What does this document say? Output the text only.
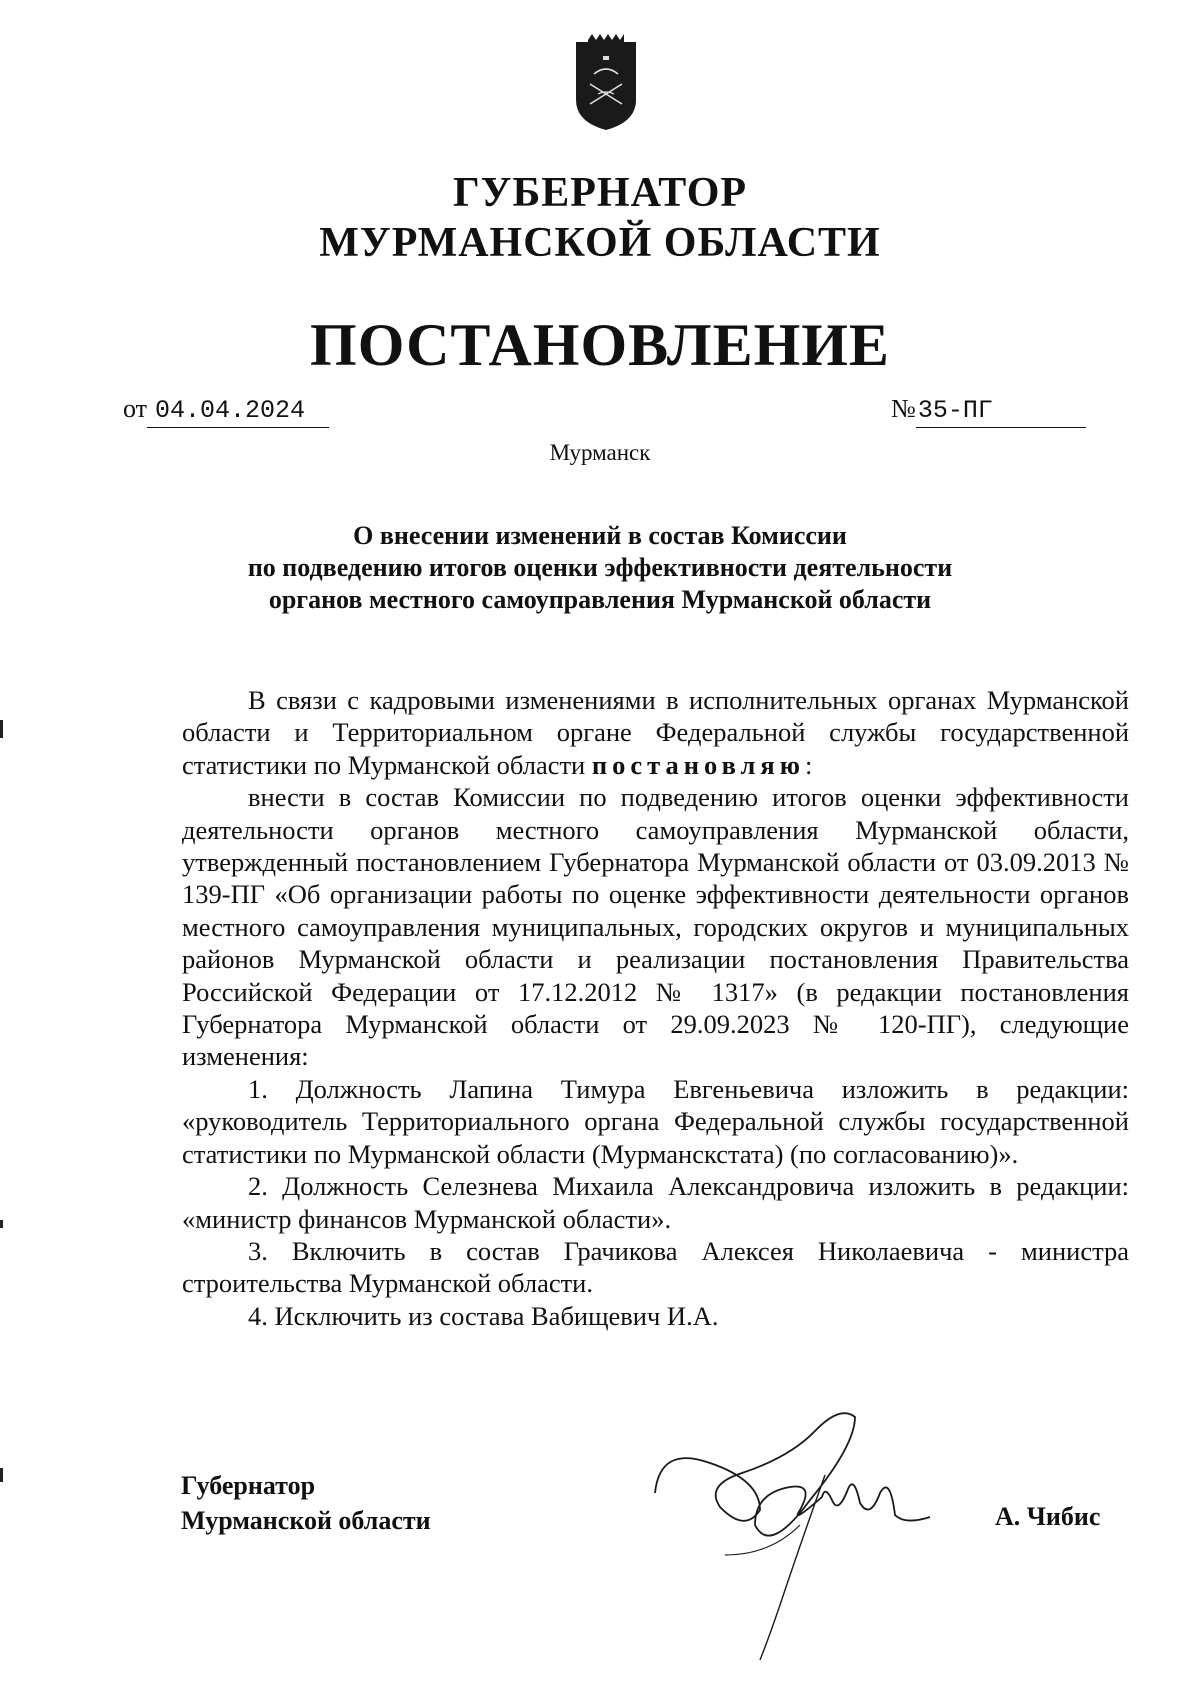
ГУБЕРНАТОР
МУРМАНСКОЙ ОБЛАСТИ
ПОСТАНОВЛЕНИЕ
от 04.04.2024	№35-ПГ
Мурманск
О внесении изменений в состав Комиссии
по подведению итогов оценки эффективности деятельности
органов местного самоуправления Мурманской области

В связи с кадровыми изменениями в исполнительных органах Мурманской области и Территориальном органе Федеральной службы государственной статистики по Мурманской области постановляю:

внести в состав Комиссии по подведению итогов оценки эффективности деятельности органов местного самоуправления Мурманской области, утвержденный постановлением Губернатора Мурманской области от 03.09.2013 № 139-ПГ «Об организации работы по оценке эффективности деятельности органов местного самоуправления муниципальных, городских округов и муниципальных районов Мурманской области и реализации постановления Правительства Российской Федерации от 17.12.2012 № 1317» (в редакции постановления Губернатора Мурманской области от 29.09.2023 № 120-ПГ), следующие изменения:

1. Должность Лапина Тимура Евгеньевича изложить в редакции: «руководитель Территориального органа Федеральной службы государственной статистики по Мурманской области (Мурманскстата) (по согласованию)».

2. Должность Селезнева Михаила Александровича изложить в редакции: «министр финансов Мурманской области».

3. Включить в состав Грачикова Алексея Николаевича - министра строительства Мурманской области.

4. Исключить из состава Вабищевич И.А.

Губернатор
Мурманской области	А. Чибис
